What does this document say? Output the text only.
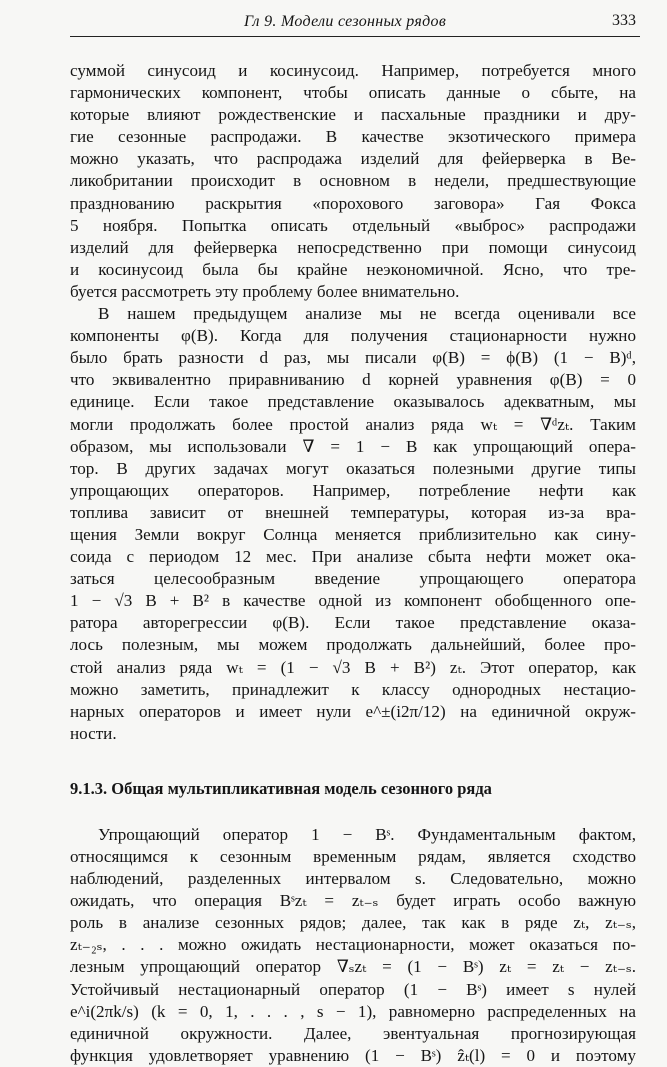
Гл 9. Модели сезонных рядов	333
суммой синусоид и косинусоид. Например, потребуется много
гармонических компонент, чтобы описать данные о сбыте, на
которые влияют рождественские и пасхальные праздники и дру-
гие сезонные распродажи. В качестве экзотического примера
можно указать, что распродажа изделий для фейерверка в Ве-
ликобритании происходит в основном в недели, предшествующие
празднованию раскрытия «порохового заговора» Гая Фокса
5 ноября. Попытка описать отдельный «выброс» распродажи
изделий для фейерверка непосредственно при помощи синусоид
и косинусоид была бы крайне неэкономичной. Ясно, что тре-
буется рассмотреть эту проблему более внимательно.
В нашем предыдущем анализе мы не всегда оценивали все
компоненты φ(B). Когда для получения стационарности нужно
было брать разности d раз, мы писали φ(B) = ϕ(B) (1 − B)ᵈ,
что эквивалентно приравниванию d корней уравнения φ(B) = 0
единице. Если такое представление оказывалось адекватным, мы
могли продолжать более простой анализ ряда wₜ = ∇ᵈzₜ. Таким
образом, мы использовали ∇ = 1 − B как упрощающий опера-
тор. В других задачах могут оказаться полезными другие типы
упрощающих операторов. Например, потребление нефти как
топлива зависит от внешней температуры, которая из-за вра-
щения Земли вокруг Солнца меняется приблизительно как сину-
соида с периодом 12 мес. При анализе сбыта нефти может ока-
заться целесообразным введение упрощающего оператора
1 − √3 B + B² в качестве одной из компонент обобщенного опе-
ратора авторегрессии φ(B). Если такое представление оказа-
лось полезным, мы можем продолжать дальнейший, более про-
стой анализ ряда wₜ = (1 − √3 B + B²) zₜ. Этот оператор, как
можно заметить, принадлежит к классу однородных нестацио-
нарных операторов и имеет нули e^±(i2π/12) на единичной окруж-
ности.
9.1.3. Общая мультипликативная модель сезонного ряда
Упрощающий оператор 1 − Bˢ. Фундаментальным фактом,
относящимся к сезонным временным рядам, является сходство
наблюдений, разделенных интервалом s. Следовательно, можно
ожидать, что операция Bˢzₜ = zₜ₋ₛ будет играть особо важную
роль в анализе сезонных рядов; далее, так как в ряде zₜ, zₜ₋ₛ,
zₜ₋₂ₛ, . . . можно ожидать нестационарности, может оказаться по-
лезным упрощающий оператор ∇ₛzₜ = (1 − Bˢ) zₜ = zₜ − zₜ₋ₛ.
Устойчивый нестационарный оператор (1 − Bˢ) имеет s нулей
e^i(2πk/s) (k = 0, 1, . . . , s − 1), равномерно распределенных на
единичной окружности. Далее, эвентуальная прогнозирующая
функция удовлетворяет уравнению (1 − Bˢ) ẑₜ(l) = 0 и поэтому
